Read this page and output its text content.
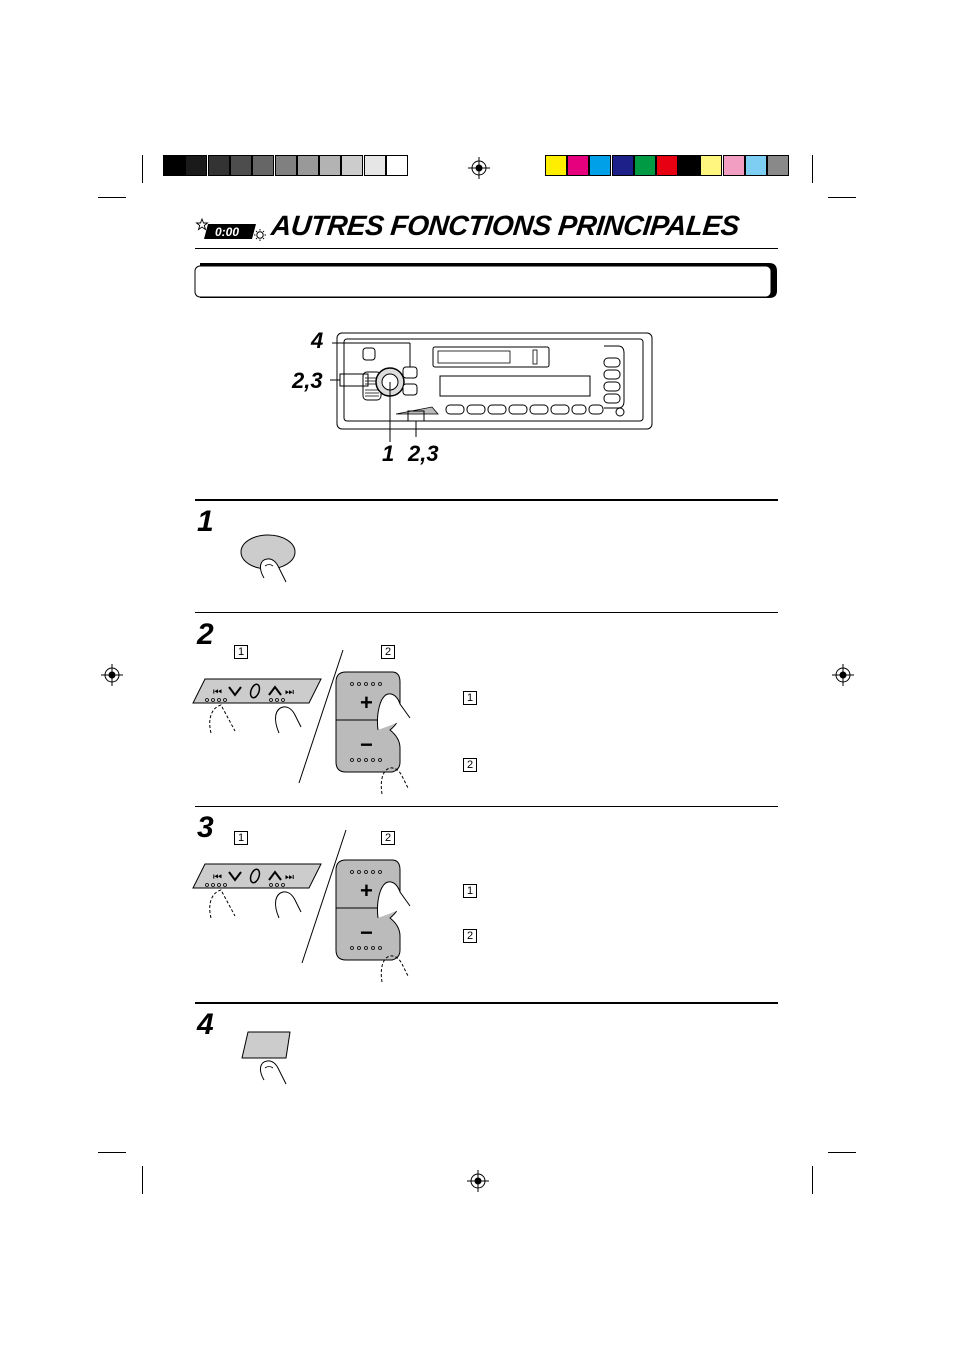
0:00 AUTRES FONCTIONS PRINCIPALES
4
2,3
1 2,3
1
2
1	2
⏮	⏭	+
−
1
2
3	1	2
⏮	⏭
+
−
1
2
4
